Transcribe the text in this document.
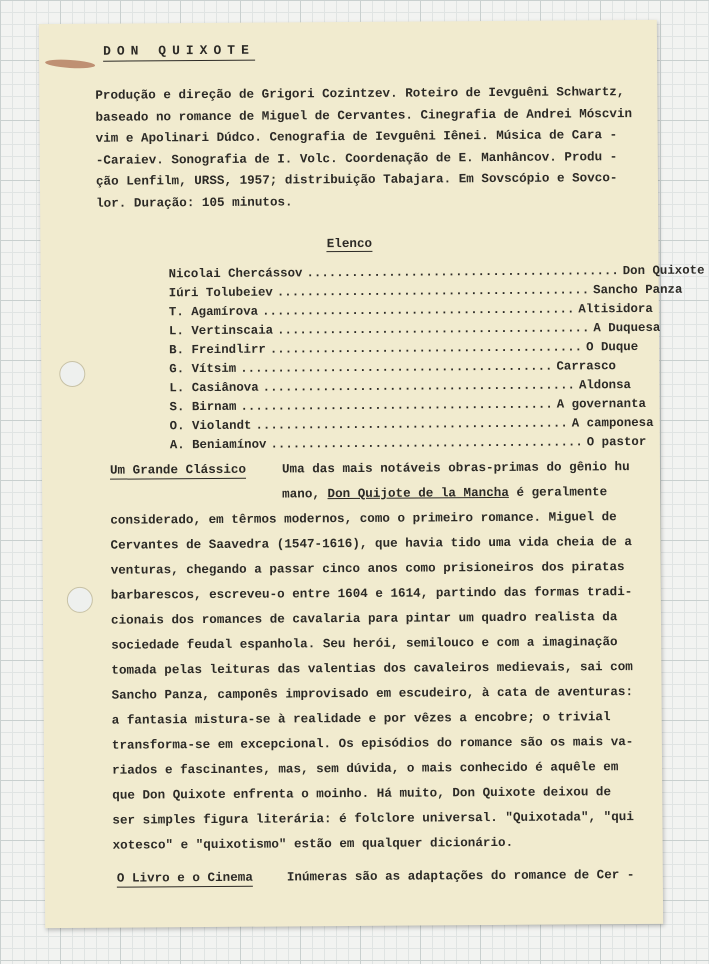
DON QUIXOTE
Produção e direção de Grigori Cozintzev. Roteiro de Ievguêni Schwartz,
baseado no romance de Miguel de Cervantes. Cinegrafia de Andrei Móscvin
vim e Apolinari Dúdco. Cenografia de Ievguêni Iênei. Música de Cara -
-Caraiev. Sonografia de I. Volc. Coordenação de E. Manhâncov. Produ -
ção Lenfilm, URSS, 1957; distribuição Tabajara. Em Sovscópio e Sovco-
lor. Duração: 105 minutos.
Elenco
Nicolai Chercássov .......................................... Don Quixote
Iúri Tolubeiev .......................................... Sancho Panza
T. Agamírova .......................................... Altisidora
L. Vertinscaia .......................................... A Duquesa
B. Freindlirr .......................................... O Duque
G. Vítsim .......................................... Carrasco
L. Casiânova .......................................... Aldonsa
S. Birnam .......................................... A governanta
O. Violandt .......................................... A camponesa
A. Beniamínov .......................................... O pastor
Um Grande Clássico	Uma das mais notáveis obras-primas do gênio hu
mano, Don Quijote de la Mancha é geralmente
considerado, em têrmos modernos, como o primeiro romance. Miguel de
Cervantes de Saavedra (1547-1616), que havia tido uma vida cheia de a
venturas, chegando a passar cinco anos como prisioneiros dos piratas
barbarescos, escreveu-o entre 1604 e 1614, partindo das formas tradi-
cionais dos romances de cavalaria para pintar um quadro realista da
sociedade feudal espanhola. Seu herói, semilouco e com a imaginação
tomada pelas leituras das valentias dos cavaleiros medievais, sai com
Sancho Panza, camponês improvisado em escudeiro, à cata de aventuras:
a fantasia mistura-se à realidade e por vêzes a encobre; o trivial
transforma-se em excepcional. Os episódios do romance são os mais va-
riados e fascinantes, mas, sem dúvida, o mais conhecido é aquêle em
que Don Quixote enfrenta o moinho. Há muito, Don Quixote deixou de
ser simples figura literária: é folclore universal. "Quixotada", "qui
xotesco" e "quixotismo" estão em qualquer dicionário.
O Livro e o Cinema	Inúmeras são as adaptações do romance de Cer -
